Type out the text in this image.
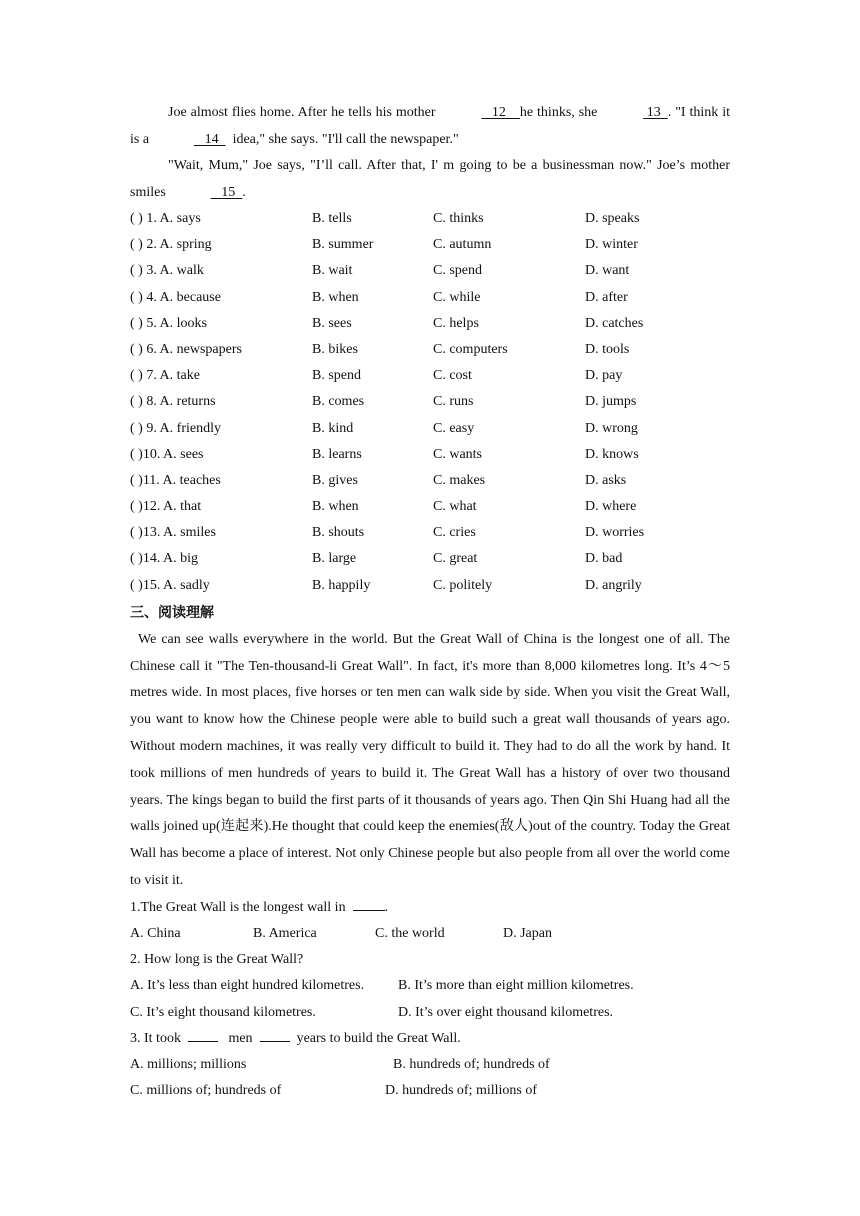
Joe almost flies home. After he tells his mother	12 he thinks, she	13 . "I think it is a	14 idea," she says. "I'll call the newspaper."

"Wait, Mum," Joe says, "I’ll call. After that, I' m going to be a businessman now." Joe’s mother smiles	15 .

( ) 1. A. says	B. tells	C. thinks	D. speaks
( ) 2. A. spring	B. summer	C. autumn	D. winter
( ) 3. A. walk	B. wait	C. spend	D. want
( ) 4. A. because	B. when	C. while	D. after
( ) 5. A. looks	B. sees	C. helps	D. catches
( ) 6. A. newspapers	B. bikes	C. computers	D. tools
( ) 7. A. take	B. spend	C. cost	D. pay
( ) 8. A. returns	B. comes	C. runs	D. jumps
( ) 9. A. friendly	B. kind	C. easy	D. wrong
( )10. A. sees	B. learns	C. wants	D. knows
( )11. A. teaches	B. gives	C. makes	D. asks
( )12. A. that	B. when	C. what	D. where
( )13. A. smiles	B. shouts	C. cries	D. worries
( )14. A. big	B. large	C. great	D. bad
( )15. A. sadly	B. happily	C. politely	D. angrily
三、阅读理解

We can see walls everywhere in the world. But the Great Wall of China is the longest one of all. The Chinese call it "The Ten-thousand-li Great Wall". In fact, it's more than 8,000 kilometres long. It’s 4～5 metres wide. In most places, five horses or ten men can walk side by side. When you visit the Great Wall, you want to know how the Chinese people were able to build such a great wall thousands of years ago. Without modern machines, it was really very difficult to build it. They had to do all the work by hand. It took millions of men hundreds of years to build it. The Great Wall has a history of over two thousand years. The kings began to build the first parts of it thousands of years ago. Then Qin Shi Huang had all the walls joined up(连起来).He thought that could keep the enemies(敌人)out of the country. Today the Great Wall has become a place of interest. Not only Chinese people but also people from all over the world come to visit it.

1.The Great Wall is the longest wall in	.
A. China	B. America	C. the world	D. Japan
2. How long is the Great Wall?
A. It’s less than eight hundred kilometres. B. It’s more than eight million kilometres.
C. It’s eight thousand kilometres.	D. It’s over eight thousand kilometres.
3. It took	men	years to build the Great Wall.
A. millions; millions	B. hundreds of; hundreds of
C. millions of; hundreds of	D. hundreds of; millions of
